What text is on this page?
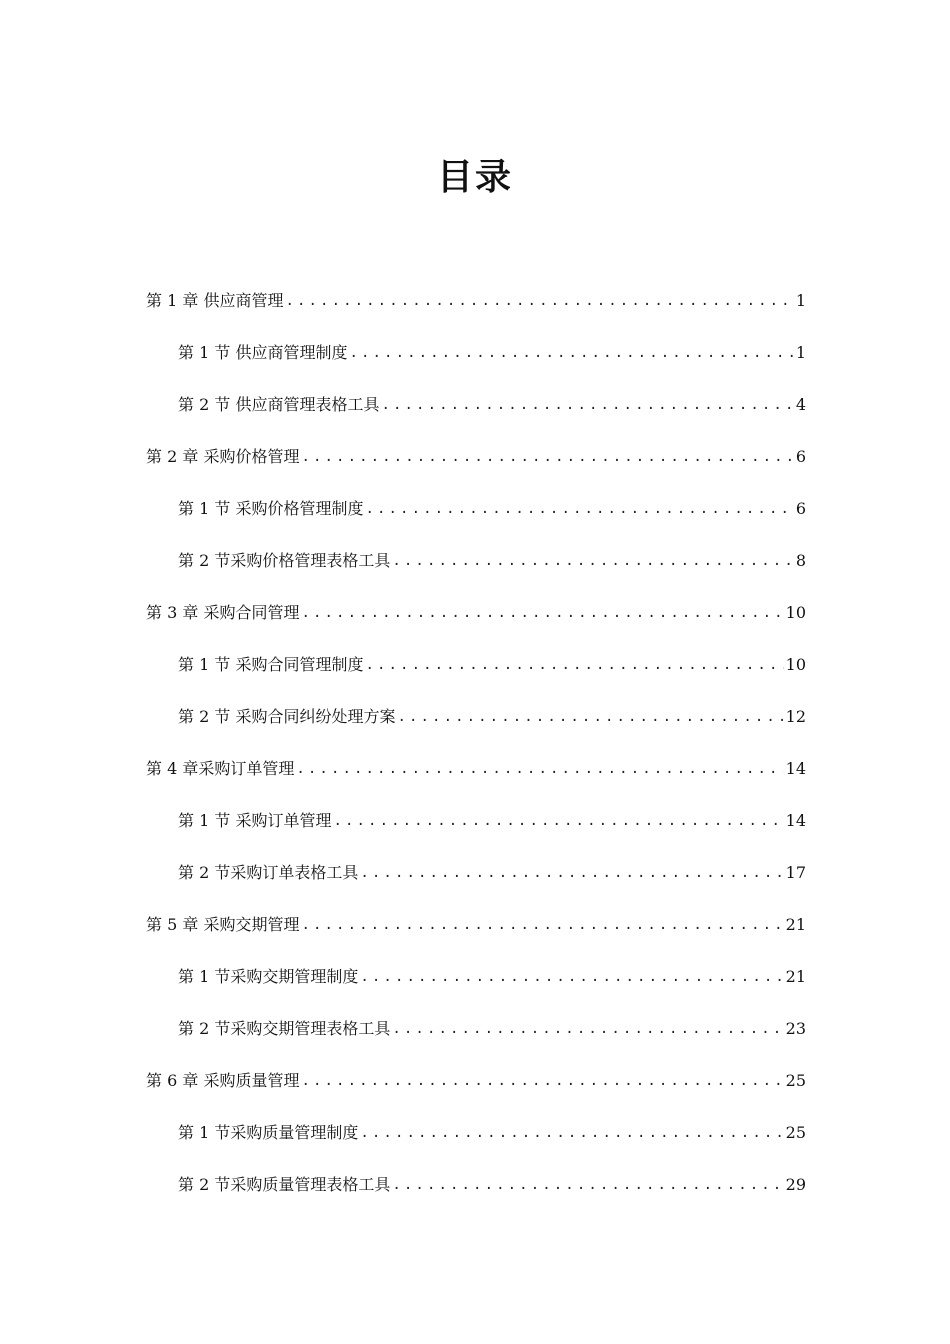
目录
第 1 章 供应商管理 .....	1
第 1 节 供应商管理制度 .....	1
第 2 节 供应商管理表格工具 .....	4
第 2 章 采购价格管理 .....	6
第 1 节 采购价格管理制度 .....	6
第 2 节采购价格管理表格工具 .....	8
第 3 章 采购合同管理 .....	10
第 1 节 采购合同管理制度 .....	10
第 2 节 采购合同纠纷处理方案 .....	12
第 4 章采购订单管理 .....	14
第 1 节 采购订单管理 .....	14
第 2 节采购订单表格工具 .....	17
第 5 章 采购交期管理 .....	21
第 1 节采购交期管理制度 .....	21
第 2 节采购交期管理表格工具 .....	23
第 6 章 采购质量管理 .....	25
第 1 节采购质量管理制度 .....	25
第 2 节采购质量管理表格工具 .....	29
